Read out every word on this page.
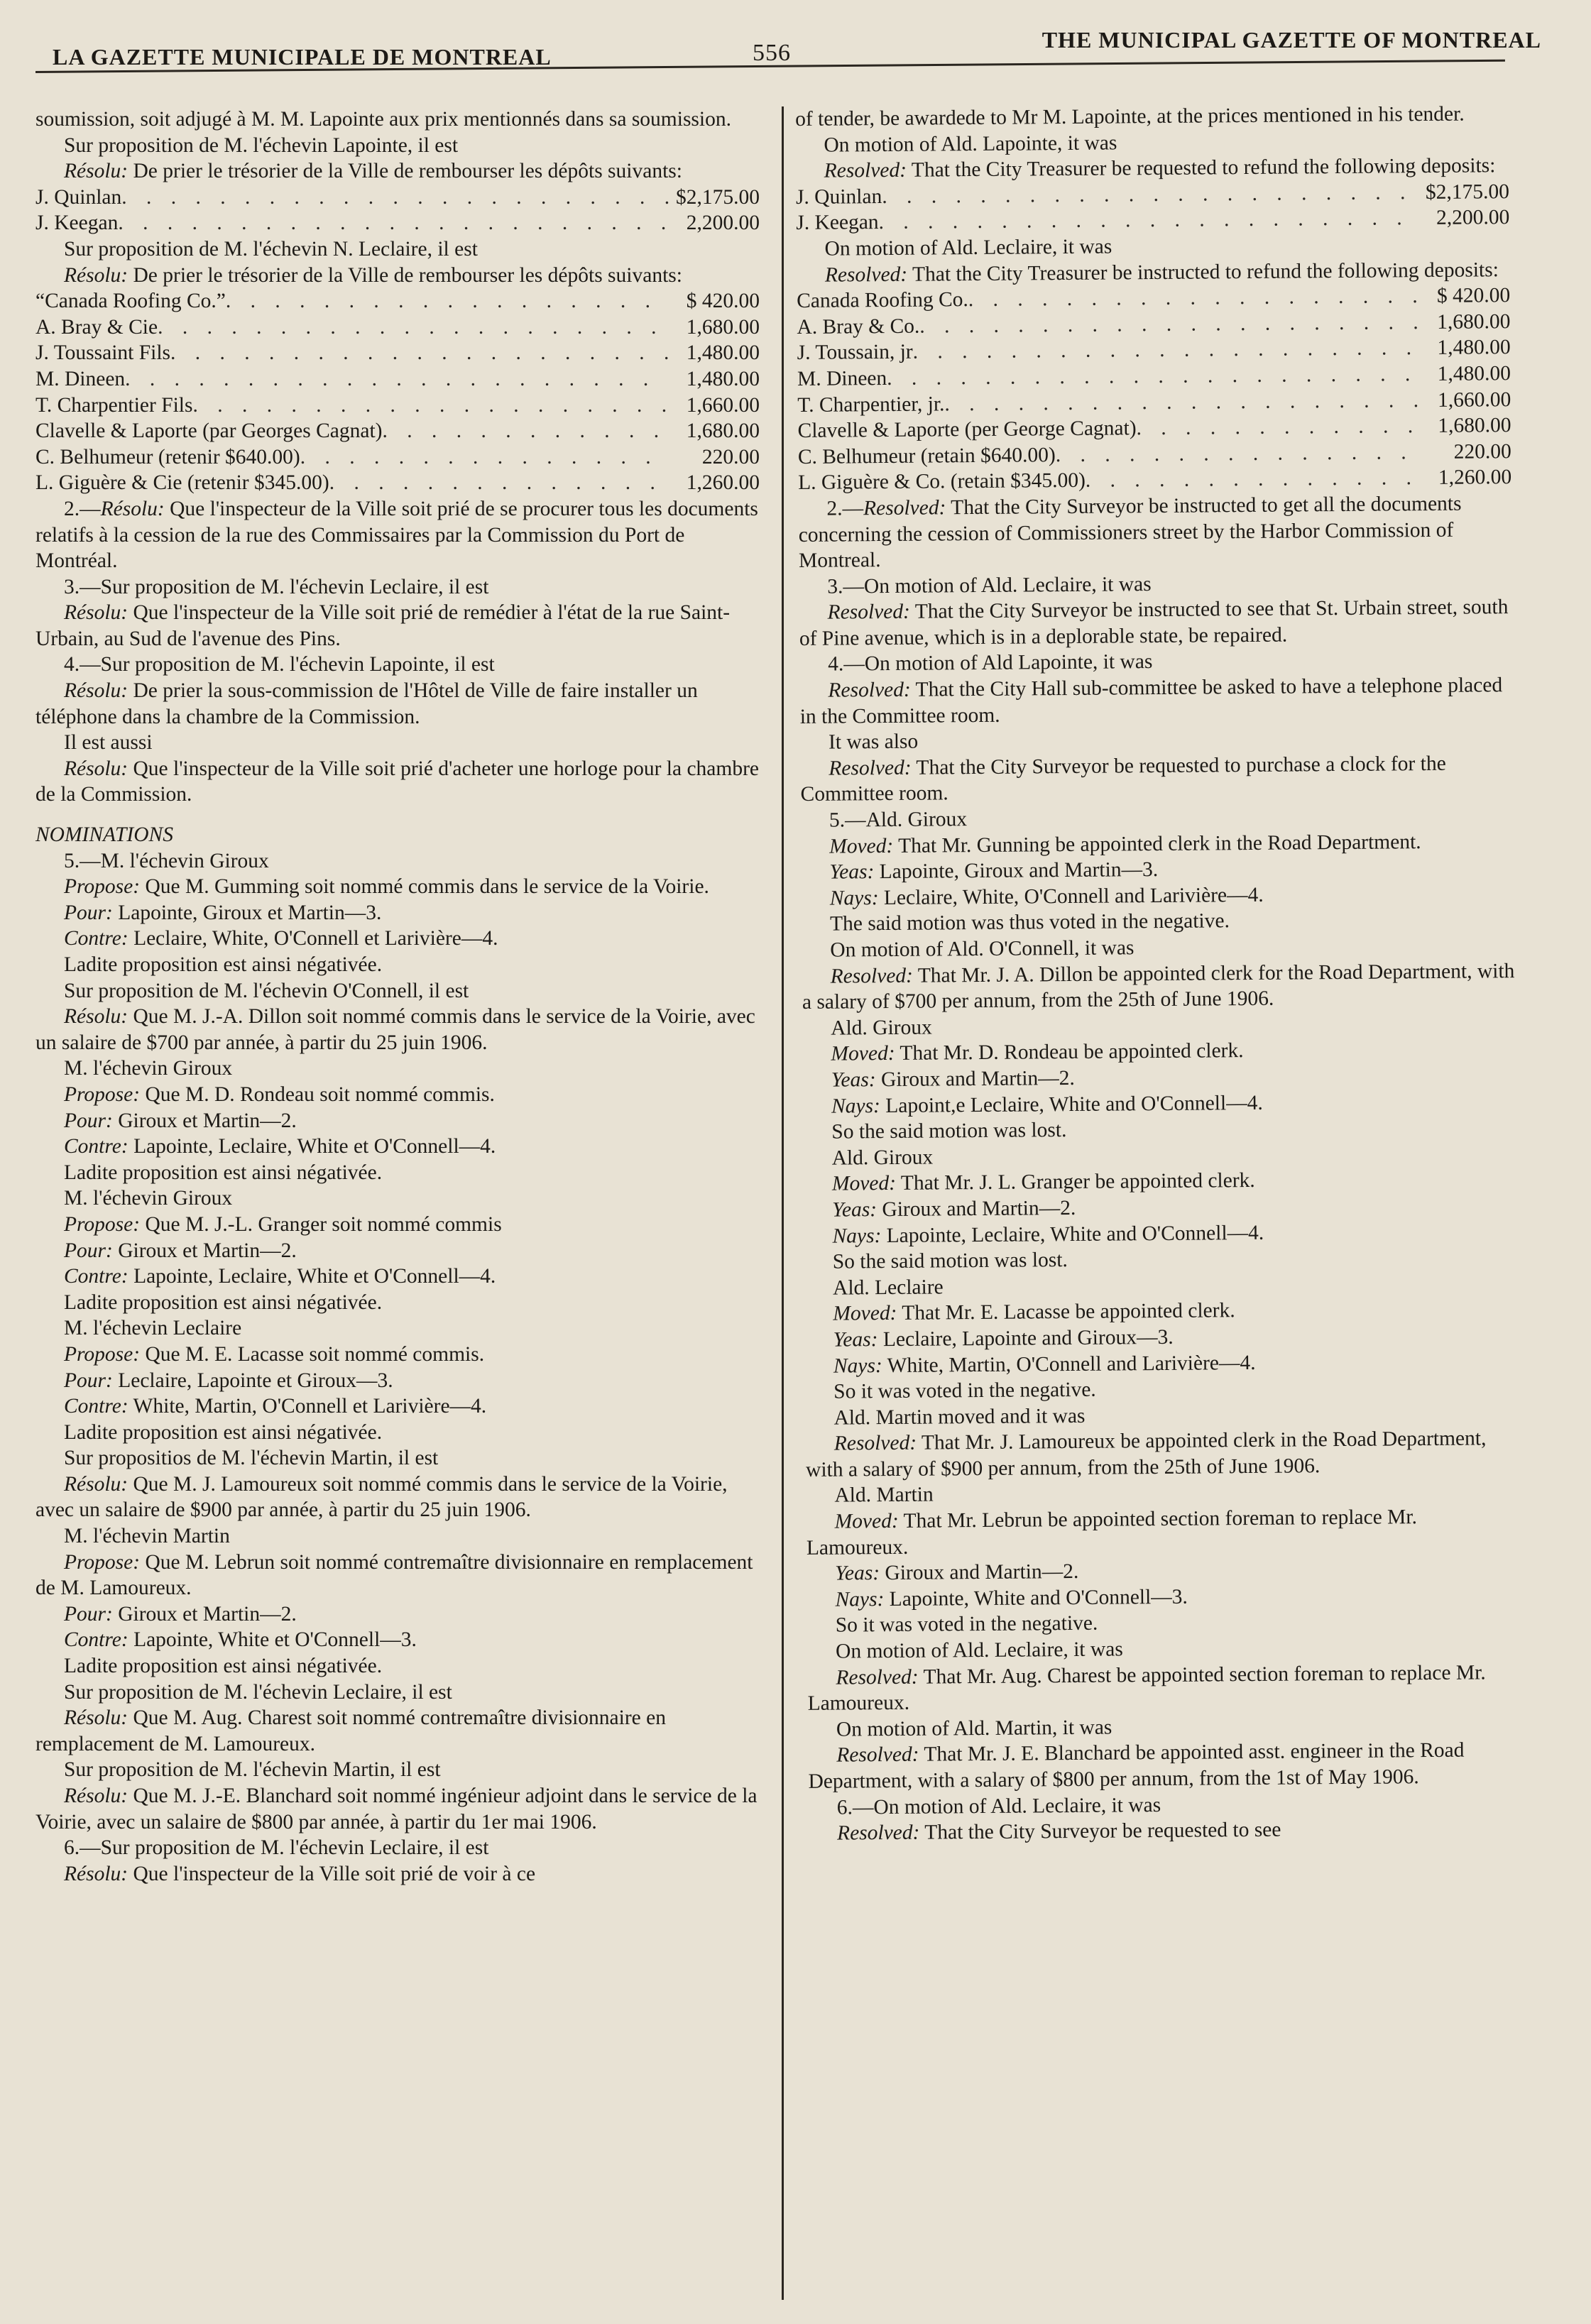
LA GAZETTE MUNICIPALE DE MONTREAL	556	THE MUNICIPAL GAZETTE OF MONTREAL

soumission, soit adjugé à M. M. Lapointe aux prix mentionnés dans sa soumission.

Sur proposition de M. l'échevin Lapointe, il est

Résolu: De prier le trésorier de la Ville de rembourser les dépôts suivants:

J. Quinlan . . .	$2,175.00
J. Keegan . . .	2,200.00

Sur proposition de M. l'échevin N. Leclaire, il est

Résolu: De prier le trésorier de la Ville de rembourser les dépôts suivants:

“Canada Roofing Co.” . . .	$ 420.00
A. Bray & Cie . . .	1,680.00
J. Toussaint Fils . . .	1,480.00
M. Dineen . . .	1,480.00
T. Charpentier Fils . . .	1,660.00
Clavelle & Laporte (par Georges Cagnat) . . .	1,680.00
C. Belhumeur (retenir $640.00) . . .	220.00
L. Giguère & Cie (retenir $345.00) . . .	1,260.00

2.—Résolu: Que l'inspecteur de la Ville soit prié de se procurer tous les documents relatifs à la cession de la rue des Commissaires par la Commission du Port de Montréal.

3.—Sur proposition de M. l'échevin Leclaire, il est

Résolu: Que l'inspecteur de la Ville soit prié de remédier à l'état de la rue Saint-Urbain, au Sud de l'avenue des Pins.

4.—Sur proposition de M. l'échevin Lapointe, il est

Résolu: De prier la sous-commission de l'Hôtel de Ville de faire installer un téléphone dans la chambre de la Commission.

Il est aussi

Résolu: Que l'inspecteur de la Ville soit prié d'acheter une horloge pour la chambre de la Commission.

NOMINATIONS

5.—M. l'échevin Giroux

Propose: Que M. Gumming soit nommé commis dans le service de la Voirie.

Pour: Lapointe, Giroux et Martin—3.

Contre: Leclaire, White, O'Connell et Larivière—4.

Ladite proposition est ainsi négativée.

Sur proposition de M. l'échevin O'Connell, il est

Résolu: Que M. J.-A. Dillon soit nommé commis dans le service de la Voirie, avec un salaire de $700 par année, à partir du 25 juin 1906.

M. l'échevin Giroux

Propose: Que M. D. Rondeau soit nommé commis.

Pour: Giroux et Martin—2.

Contre: Lapointe, Leclaire, White et O'Connell—4.

Ladite proposition est ainsi négativée.

M. l'échevin Giroux

Propose: Que M. J.-L. Granger soit nommé commis

Pour: Giroux et Martin—2.

Contre: Lapointe, Leclaire, White et O'Connell—4.

Ladite proposition est ainsi négativée.

M. l'échevin Leclaire

Propose: Que M. E. Lacasse soit nommé commis.

Pour: Leclaire, Lapointe et Giroux—3.

Contre: White, Martin, O'Connell et Larivière—4.

Ladite proposition est ainsi négativée.

Sur propositios de M. l'échevin Martin, il est

Résolu: Que M. J. Lamoureux soit nommé commis dans le service de la Voirie, avec un salaire de $900 par année, à partir du 25 juin 1906.

M. l'échevin Martin

Propose: Que M. Lebrun soit nommé contremaître divisionnaire en remplacement de M. Lamoureux.

Pour: Giroux et Martin—2.

Contre: Lapointe, White et O'Connell—3.

Ladite proposition est ainsi négativée.

Sur proposition de M. l'échevin Leclaire, il est

Résolu: Que M. Aug. Charest soit nommé contremaître divisionnaire en remplacement de M. Lamoureux.

Sur proposition de M. l'échevin Martin, il est

Résolu: Que M. J.-E. Blanchard soit nommé ingénieur adjoint dans le service de la Voirie, avec un salaire de $800 par année, à partir du 1er mai 1906.

6.—Sur proposition de M. l'échevin Leclaire, il est

Résolu: Que l'inspecteur de la Ville soit prié de voir à ce

of tender, be awardede to Mr M. Lapointe, at the prices mentioned in his tender.

On motion of Ald. Lapointe, it was

Resolved: That the City Treasurer be requested to refund the following deposits:

J. Quinlan . . .	$2,175.00
J. Keegan . . .	2,200.00

On motion of Ald. Leclaire, it was

Resolved: That the City Treasurer be instructed to refund the following deposits:

Canada Roofing Co. . . .	$ 420.00
A. Bray & Co. . . .	1,680.00
J. Toussain, jr . . .	1,480.00
M. Dineen . . .	1,480.00
T. Charpentier, jr. . . .	1,660.00
Clavelle & Laporte (per George Cagnat) . . .	1,680.00
C. Belhumeur (retain $640.00) . . .	220.00
L. Giguère & Co. (retain $345.00) . . .	1,260.00

2.—Resolved: That the City Surveyor be instructed to get all the documents concerning the cession of Commissioners street by the Harbor Commission of Montreal.

3.—On motion of Ald. Leclaire, it was

Resolved: That the City Surveyor be instructed to see that St. Urbain street, south of Pine avenue, which is in a deplorable state, be repaired.

4.—On motion of Ald Lapointe, it was

Resolved: That the City Hall sub-committee be asked to have a telephone placed in the Committee room.

It was also

Resolved: That the City Surveyor be requested to purchase a clock for the Committee room.

5.—Ald. Giroux

Moved: That Mr. Gunning be appointed clerk in the Road Department.

Yeas: Lapointe, Giroux and Martin—3.

Nays: Leclaire, White, O'Connell and Larivière—4.

The said motion was thus voted in the negative.

On motion of Ald. O'Connell, it was

Resolved: That Mr. J. A. Dillon be appointed clerk for the Road Department, with a salary of $700 per annum, from the 25th of June 1906.

Ald. Giroux

Moved: That Mr. D. Rondeau be appointed clerk.

Yeas: Giroux and Martin—2.

Nays: Lapoint,e Leclaire, White and O'Connell—4.

So the said motion was lost.

Ald. Giroux

Moved: That Mr. J. L. Granger be appointed clerk.

Yeas: Giroux and Martin—2.

Nays: Lapointe, Leclaire, White and O'Connell—4.

So the said motion was lost.

Ald. Leclaire

Moved: That Mr. E. Lacasse be appointed clerk.

Yeas: Leclaire, Lapointe and Giroux—3.

Nays: White, Martin, O'Connell and Larivière—4.

So it was voted in the negative.

Ald. Martin moved and it was

Resolved: That Mr. J. Lamoureux be appointed clerk in the Road Department, with a salary of $900 per annum, from the 25th of June 1906.

Ald. Martin

Moved: That Mr. Lebrun be appointed section foreman to replace Mr. Lamoureux.

Yeas: Giroux and Martin—2.

Nays: Lapointe, White and O'Connell—3.

So it was voted in the negative.

On motion of Ald. Leclaire, it was

Resolved: That Mr. Aug. Charest be appointed section foreman to replace Mr. Lamoureux.

On motion of Ald. Martin, it was

Resolved: That Mr. J. E. Blanchard be appointed asst. engineer in the Road Department, with a salary of $800 per annum, from the 1st of May 1906.

6.—On motion of Ald. Leclaire, it was

Resolved: That the City Surveyor be requested to see
